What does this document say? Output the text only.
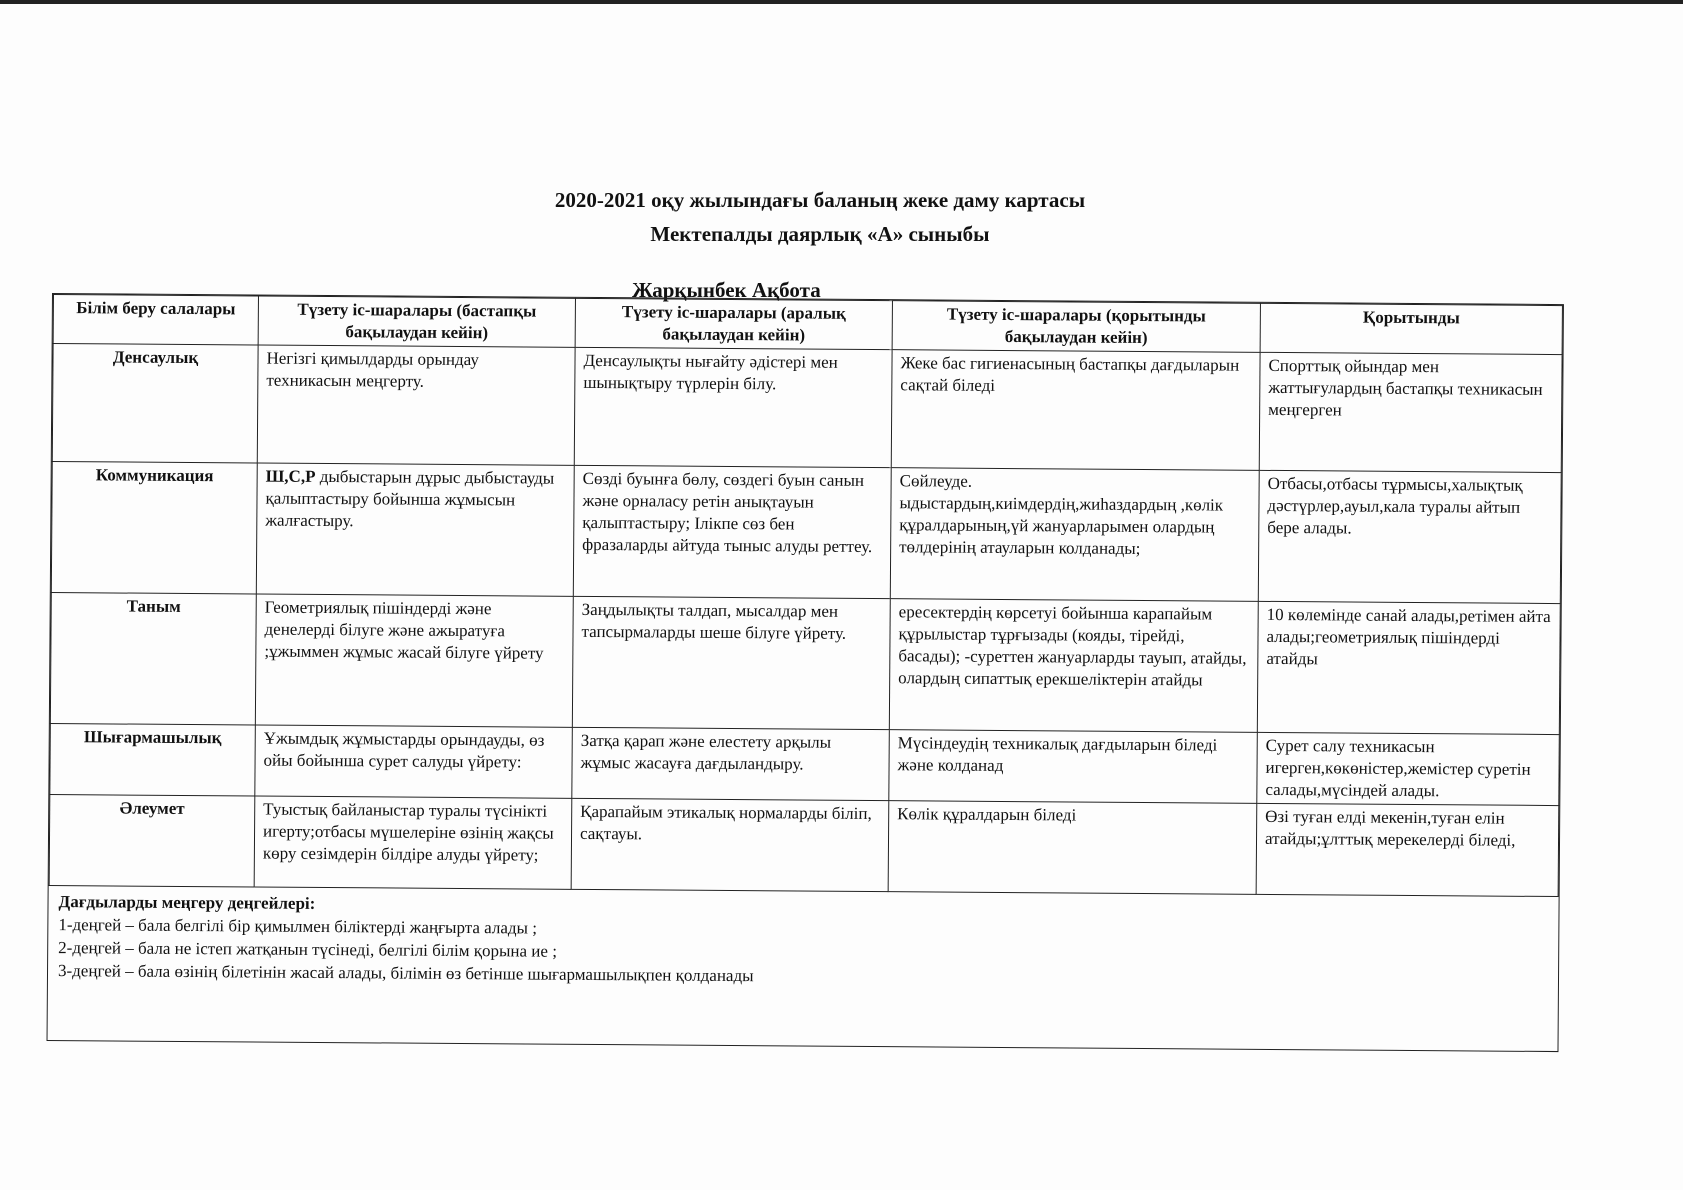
2020-2021 оқу жылындағы баланың жеке даму картасы
Мектепалды даярлық «А» сыныбы
Жарқынбек Ақбота
Білім беру салалары	Түзету іс-шаралары (бастапқы бақылаудан кейін)	Түзету іс-шаралары (аралық бақылаудан кейін)	Түзету іс-шаралары (қорытынды бақылаудан кейін)	Қорытынды
Денсаулық	Негізгі қимылдарды орындау техникасын меңгерту.	Денсаулықты нығайту әдістері мен шынықтыру түрлерін білу.	Жеке бас гигиенасының бастапқы дағдыларын сақтай біледі	Спорттық ойындар мен жаттығулардың бастапқы техникасын меңгерген
Коммуникация	Ш,С,Р дыбыстарын дұрыс дыбыстауды қалыптастыру бойынша жұмысын жалғастыру.	Сөзді буынға бөлу, сөздегі буын санын және орналасу ретін анықтауын қалыптастыру; Ілікпе сөз бен фразаларды айтуда тыныс алуды реттеу.	Сөйлеуде. ыдыстардың,киімдердің,жиһаздардың ,көлік құралдарының,үй жануарларымен олардың төлдерінің атауларын колданады;	Отбасы,отбасы тұрмысы,халықтық дәстүрлер,ауыл,кала туралы айтып бере алады.
Таным	Геометриялық пішіндерді және денелерді білуге және ажыратуға ;ұжыммен жұмыс жасай білуге үйрету	Заңдылықты талдап, мысалдар мен тапсырмаларды шеше білуге үйрету.	ересектердің көрсетуі бойынша карапайым құрылыстар тұрғызады (кояды, тірейді, басады); -суреттен жануарларды тауып, атайды, олардың сипаттық ерекшеліктерін атайды	10 көлемінде санай алады,ретімен айта алады;геометриялық пішіндерді атайды
Шығармашылық	Ұжымдық жұмыстарды орындауды, өз ойы бойынша сурет салуды үйрету:	Затқа қарап және елестету арқылы жұмыс жасауға дағдыландыру.	Мүсіндеудің техникалық дағдыларын біледі және колданад	Сурет салу техникасын игерген,көкөністер,жемістер суретін салады,мүсіндей алады.
Әлеумет	Туыстық байланыстар туралы түсінікті игерту;отбасы мүшелеріне өзінің жақсы көру сезімдерін білдіре алуды үйрету;	Қарапайым этикалық нормаларды біліп, сақтауы.	Көлік құралдарын біледі	Өзі туған елді мекенін,туған елін атайды;ұлттық мерекелерді біледі,
Дағдыларды меңгеру деңгейлері:
1-деңгей – бала белгілі бір қимылмен біліктерді жаңғырта алады ;
2-деңгей – бала не істеп жатқанын түсінеді, белгілі білім қорына ие ;
3-деңгей – бала өзінің білетінін жасай алады, білімін өз бетінше шығармашылықпен қолданады
